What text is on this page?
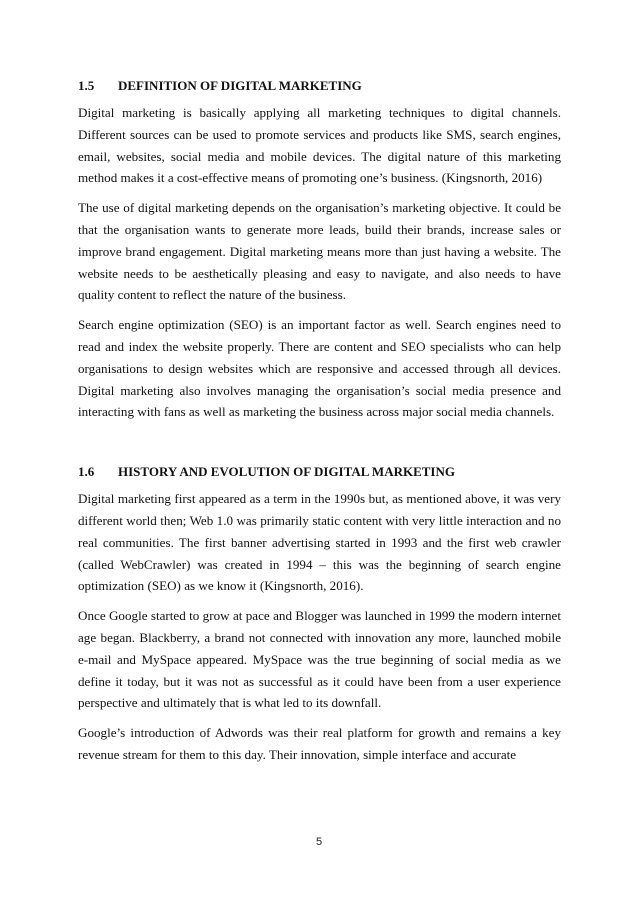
1.5 DEFINITION OF DIGITAL MARKETING

Digital marketing is basically applying all marketing techniques to digital channels. Different sources can be used to promote services and products like SMS, search engines, email, websites, social media and mobile devices. The digital nature of this marketing method makes it a cost-effective means of promoting one’s business. (Kingsnorth, 2016)

The use of digital marketing depends on the organisation’s marketing objective. It could be that the organisation wants to generate more leads, build their brands, increase sales or improve brand engagement. Digital marketing means more than just having a website. The website needs to be aesthetically pleasing and easy to navigate, and also needs to have quality content to reflect the nature of the business.

Search engine optimization (SEO) is an important factor as well. Search engines need to read and index the website properly. There are content and SEO specialists who can help organisations to design websites which are responsive and accessed through all devices. Digital marketing also involves managing the organisation’s social media presence and interacting with fans as well as marketing the business across major social media channels.

1.6 HISTORY AND EVOLUTION OF DIGITAL MARKETING

Digital marketing first appeared as a term in the 1990s but, as mentioned above, it was very different world then; Web 1.0 was primarily static content with very little interaction and no real communities. The first banner advertising started in 1993 and the first web crawler (called WebCrawler) was created in 1994 – this was the beginning of search engine optimization (SEO) as we know it (Kingsnorth, 2016).

Once Google started to grow at pace and Blogger was launched in 1999 the modern internet age began. Blackberry, a brand not connected with innovation any more, launched mobile e-mail and MySpace appeared. MySpace was the true beginning of social media as we define it today, but it was not as successful as it could have been from a user experience perspective and ultimately that is what led to its downfall.

Google’s introduction of Adwords was their real platform for growth and remains a key revenue stream for them to this day. Their innovation, simple interface and accurate

5
